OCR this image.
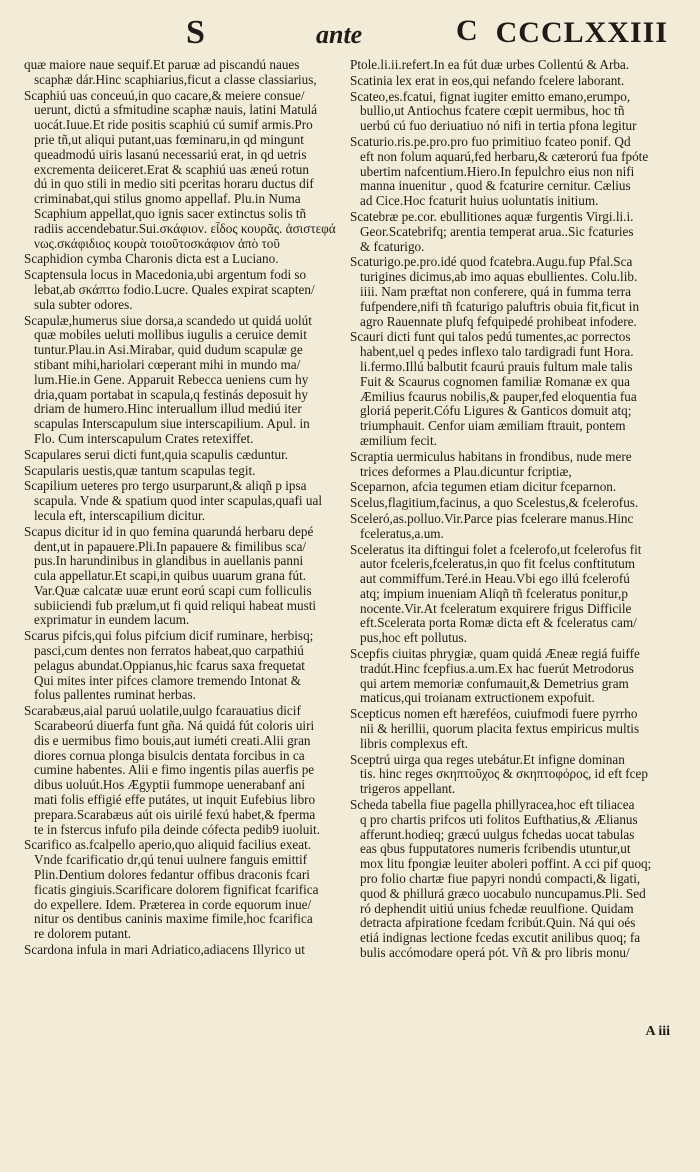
S	ante	C CCCLXXIII
quæ maiore naue sequif.Et paruæ ad piscandú naues
scaphæ dár.Hinc scaphiarius,ficut a classe classiarius,
Scaphiú uas conceuú,in quo cacare,& meiere consue/
uerunt, dictú a sfmitudine scaphæ nauis, latini Matulá
uocát.Iuue.Et ride positis scaphiú cú sumif armis.Pro
prie tñ,ut aliqui putant,uas fœminaru,in qd mingunt
queadmodú uiris lasanú necessariú erat, in qd uetris
excrementa deiiceret.Erat & scaphiú uas æneú rotun
dú in quo stili in medio siti pceritas horaru ductus dif
criminabat,qui stilus gnomo appellaf. Plu.in Numa
Scaphium appellat,quo ignis sacer extinctus solis tñ
radiis accendebatur.Sui.σκάφιον. εἶδος κουρᾶς. ἀσιστεφά
νως.σκάφιδιος κουρὰ τοιοῦτοσκάφιον ἀπὸ τοῦ
Scaphidion cymba Charonis dicta est a Luciano.
Scaptensula locus in Macedonia,ubi argentum fodi so
lebat,ab σκάπτω fodio.Lucre. Quales expirat scapten/
sula subter odores.
Scapulæ,humerus siue dorsa,a scandedo ut quidá uolút
quæ mobiles ueluti mollibus iugulis a ceruice demit
tuntur.Plau.in Asi.Mirabar, quid dudum scapulæ ge
stibant mihi,hariolari cœperant mihi in mundo ma/
lum.Hie.in Gene. Apparuit Rebecca ueniens cum hy
dria,quam portabat in scapula,q festinás deposuit hy
driam de humero.Hinc interuallum illud mediú iter
scapulas Interscapulum siue interscapilium. Apul. in
Flo. Cum interscapulum Crates retexiffet.
Scapulares serui dicti funt,quia scapulis cæduntur.
Scapularis uestis,quæ tantum scapulas tegit.
Scapilium ueteres pro tergo usurparunt,& aliqñ p ipsa
scapula. Vnde & spatium quod inter scapulas,quafi ual
lecula eft, interscapilium dicitur.
Scapus dicitur id in quo femina quarundá herbaru depé
dent,ut in papauere.Pli.In papauere & fimilibus sca/
pus.In harundinibus in glandibus in auellanis panni
cula appellatur.Et scapi,in quibus uuarum grana fút.
Var.Quæ calcatæ uuæ erunt eorú scapi cum folliculis
subiiciendi fub prælum,ut fi quid reliqui habeat musti
exprimatur in eundem lacum.
Scarus pifcis,qui folus pifcium dicif ruminare, herbisq;
pasci,cum dentes non ferratos habeat,quo carpathiú
pelagus abundat.Oppianus,hic fcarus saxa frequetat
Qui mites inter pifces clamore tremendo Intonat &
folus pallentes ruminat herbas.
Scarabæus,aial paruú uolatile,uulgo fcarauatius dicif
Scarabeorú diuerfa funt gña. Ná quidá fút coloris uiri
dis e uermibus fimo bouis,aut iuméti creati.Alii gran
diores cornua plonga bisulcis dentata forcibus in ca
cumine habentes. Alii e fimo ingentis pilas auerfis pe
dibus uoluút.Hos Ægyptii fummope uenerabanf ani
mati folis effigié effe putátes, ut inquit Eufebius libro
prepara.Scarabæus aút ois uirilé fexú habet,& fperma
te in fstercus infufo pila deinde cófecta pedib9 iuoluit.
Scarifico as.fcalpello aperio,quo aliquid facilius exeat.
Vnde fcarificatio dr,qú tenui uulnere fanguis emittif
Plin.Dentium dolores fedantur offibus draconis fcari
ficatis gingiuis.Scarificare dolorem fignificat fcarifica
do expellere. Idem. Præterea in corde equorum inue/
nitur os dentibus caninis maxime fimile,hoc fcarifica
re dolorem putant.
Scardona infula in mari Adriatico,adiacens Illyrico ut
Ptole.li.ii.refert.In ea fút duæ urbes Collentú & Arba.
Scatinia lex erat in eos,qui nefando fcelere laborant.
Scateo,es.fcatui, fignat iugiter emitto emano,erumpo,
bullio,ut Antiochus fcatere cœpit uermibus, hoc tñ
uerbú cú fuo deriuatiuo nó nifi in tertia pfona legitur
Scaturio.ris.pe.pro.pro fuo primitiuo fcateo ponif. Qd
eft non folum aquarú,fed herbaru,& cæterorú fua fpóte
ubertim nafcentium.Hiero.In fepulchro eius non nifi
manna inuenitur , quod & fcaturire cernitur. Cælius
ad Cice.Hoc fcaturit huius uoluntatis initium.
Scatebræ pe.cor. ebullitiones aquæ furgentis Virgi.li.i.
Geor.Scatebrifq; arentia temperat arua..Sic fcaturies
& fcaturigo.
Scaturigo.pe.pro.idé quod fcatebra.Augu.fup Pfal.Sca
turigines dicimus,ab imo aquas ebullientes. Colu.lib.
iiii. Nam præftat non conferere, quá in fumma terra
fufpendere,nifi tñ fcaturigo paluftris obuia fit,ficut in
agro Rauennate plufq fefquipedé prohibeat infodere.
Scauri dicti funt qui talos pedú tumentes,ac porrectos
habent,uel q pedes inflexo talo tardigradi funt Hora.
li.fermo.Illú balbutit fcaurú prauis fultum male talis
Fuit & Scaurus cognomen familiæ Romanæ ex qua
Æmilius fcaurus nobilis,& pauper,fed eloquentia fua
gloriá peperit.Cófu Ligures & Ganticos domuit atq;
triumphauit. Cenfor uiam æmiliam ftrauit, pontem
æmilium fecit.
Scraptia uermiculus habitans in frondibus, nude mere
trices deformes a Plau.dicuntur fcriptiæ,
Sceparnon, afcia tegumen etiam dicitur fceparnon.
Scelus,flagitium,facinus, a quo Scelestus,& fcelerofus.
Sceleró,as.polluo.Vir.Parce pias fcelerare manus.Hinc
fceleratus,a.um.
Sceleratus ita diftingui folet a fcelerofo,ut fcelerofus fit
autor fceleris,fceleratus,in quo fit fcelus conftitutum
aut commiffum.Teré.in Heau.Vbi ego illú fcelerofú
atq; impium inueniam Aliqñ tñ fceleratus ponitur,p
nocente.Vir.At fceleratum exquirere frigus Difficile
eft.Scelerata porta Romæ dicta eft & fceleratus cam/
pus,hoc eft pollutus.
Scepfis ciuitas phrygiæ, quam quidá Æneæ regiá fuiffe
tradút.Hinc fcepfius.a.um.Ex hac fuerút Metrodorus
qui artem memoriæ confumauit,& Demetrius gram
maticus,qui troianam extructionem expofuit.
Scepticus nomen eft hæreféos, cuiufmodi fuere pyrrho
nii & herillii, quorum placita fextus empiricus multis
libris complexus eft.
Sceptrú uirga qua reges utebátur.Et infigne dominan
tis. hinc reges σκηπτοῦχος & σκηπτοφόρος, id eft fcep
trigeros appellant.
Scheda tabella fiue pagella phillyracea,hoc eft tiliacea
q pro chartis prifcos uti folitos Eufthatius,& Ælianus
afferunt.hodieq; græcú uulgus fchedas uocat tabulas
eas qbus fupputatores numeris fcribendis utuntur,ut
mox litu fpongiæ leuiter aboleri poffint. A cci pif quoq;
pro folio chartæ fiue papyri nondú compacti,& ligati,
quod & phillurá græco uocabulo nuncupamus.Pli. Sed
ró dephendit uitiú unius fchedæ reuulfione. Quidam
detracta afpiratione fcedam fcribút.Quin. Ná qui oés
etiá indignas lectione fcedas excutit anilibus quoq; fa
bulis accómodare operá pót. Vñ & pro libris monu/
A iii
